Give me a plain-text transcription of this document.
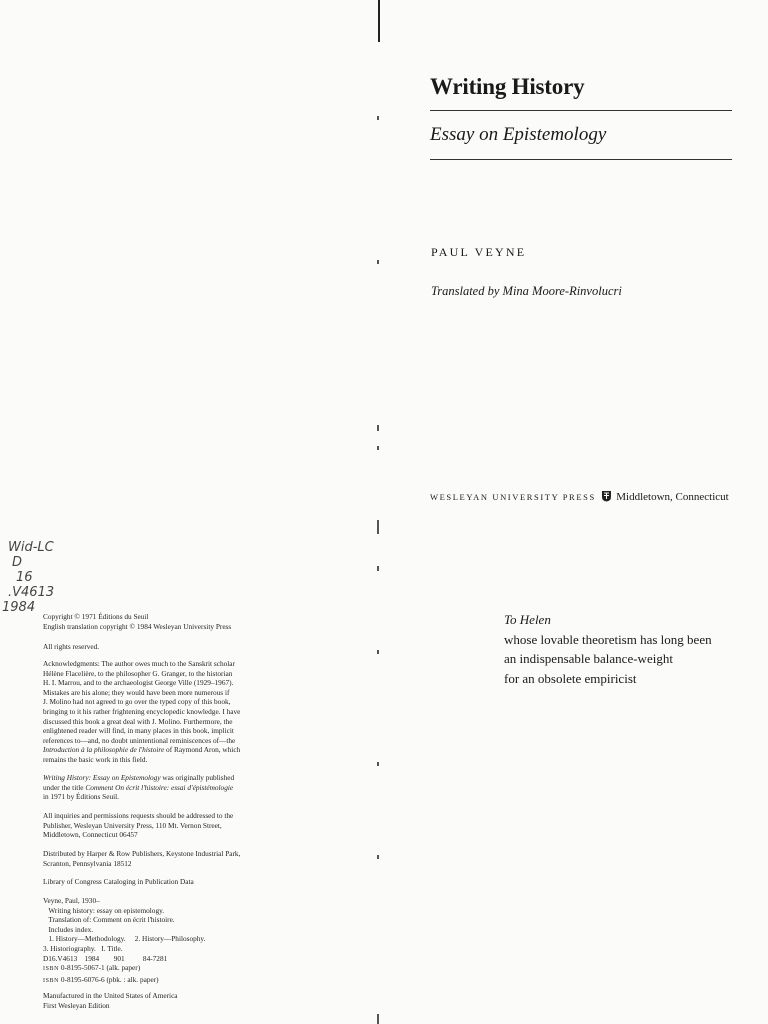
Writing History
Essay on Epistemology
PAUL VEYNE
Translated by Mina Moore-Rinvolucri
WESLEYAN UNIVERSITY PRESS Middletown, Connecticut
To Helen
whose lovable theoretism has long been
an indispensable balance-weight
for an obsolete empiricist
Wid-LC
D
16
.V4613
1984

Copyright © 1971 Éditions du Seuil

English translation copyright © 1984 Wesleyan University Press

All rights reserved.

Acknowledgments: The author owes much to the Sanskrit scholar

Hélène Flacelière, to the philosopher G. Granger, to the historian

H. I. Marrou, and to the archaeologist George Ville (1929–1967).

Mistakes are his alone; they would have been more numerous if

J. Molino had not agreed to go over the typed copy of this book,

bringing to it his rather frightening encyclopedic knowledge. I have

discussed this book a great deal with J. Molino. Furthermore, the

enlightened reader will find, in many places in this book, implicit

references to—and, no doubt unintentional reminiscences of—the

Introduction à la philosophie de l'histoire of Raymond Aron, which

remains the basic work in this field.

Writing History: Essay on Epistemology was originally published

under the title Comment On écrit l'histoire: essai d'épistémologie

in 1971 by Éditions Seuil.

All inquiries and permissions requests should be addressed to the

Publisher, Wesleyan University Press, 110 Mt. Vernon Street,

Middletown, Connecticut 06457

Distributed by Harper & Row Publishers, Keystone Industrial Park,

Scranton, Pennsylvania 18512

Library of Congress Cataloging in Publication Data

Veyne, Paul, 1930–

Writing history: essay on epistemology.

Translation of: Comment on écrit l'histoire.

Includes index.

1. History—Methodology.     2. History—Philosophy.

3. Historiography.   I. Title.

D16.V4613    1984        901          84-7281

ISBN 0-8195-5067-1 (alk. paper)

ISBN 0-8195-6076-6 (pbk. : alk. paper)

Manufactured in the United States of America

First Wesleyan Edition
